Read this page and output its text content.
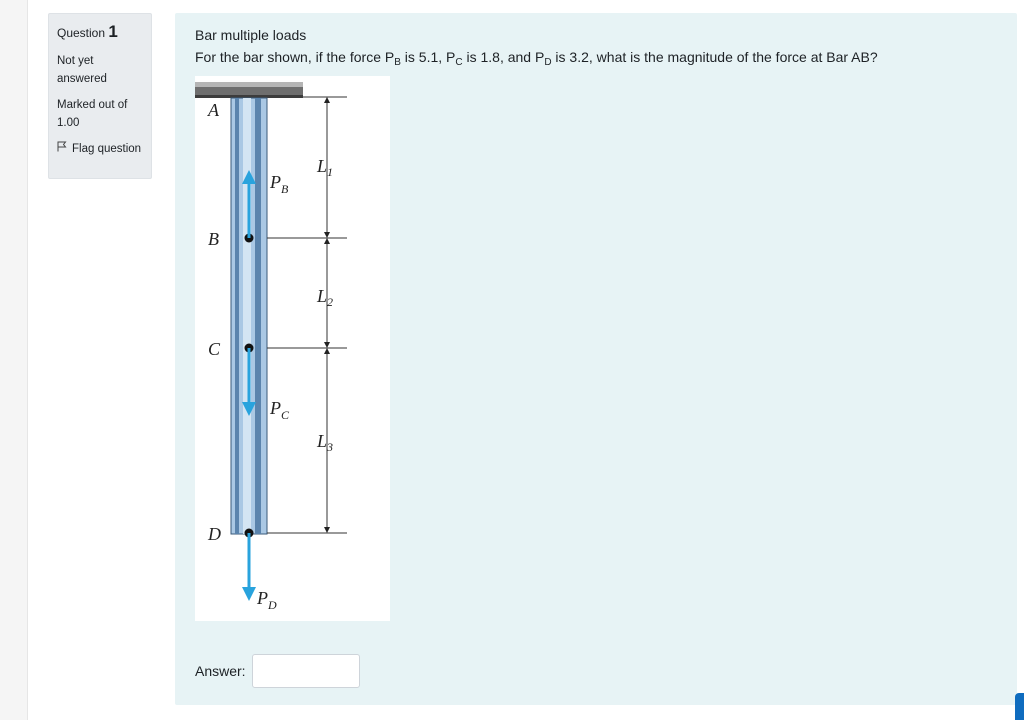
Question 1
Not yet answered
Marked out of 1.00
Flag question
Bar multiple loads
For the bar shown, if the force $P_B$ is 5.1, $P_C$ is 1.8, and $P_D$ is 3.2, what is the magnitude of the force at Bar AB?
A
B
C
D
$P_B$
$P_C$
$P_D$
$L_1$
$L_2$
$L_3$
Answer:
